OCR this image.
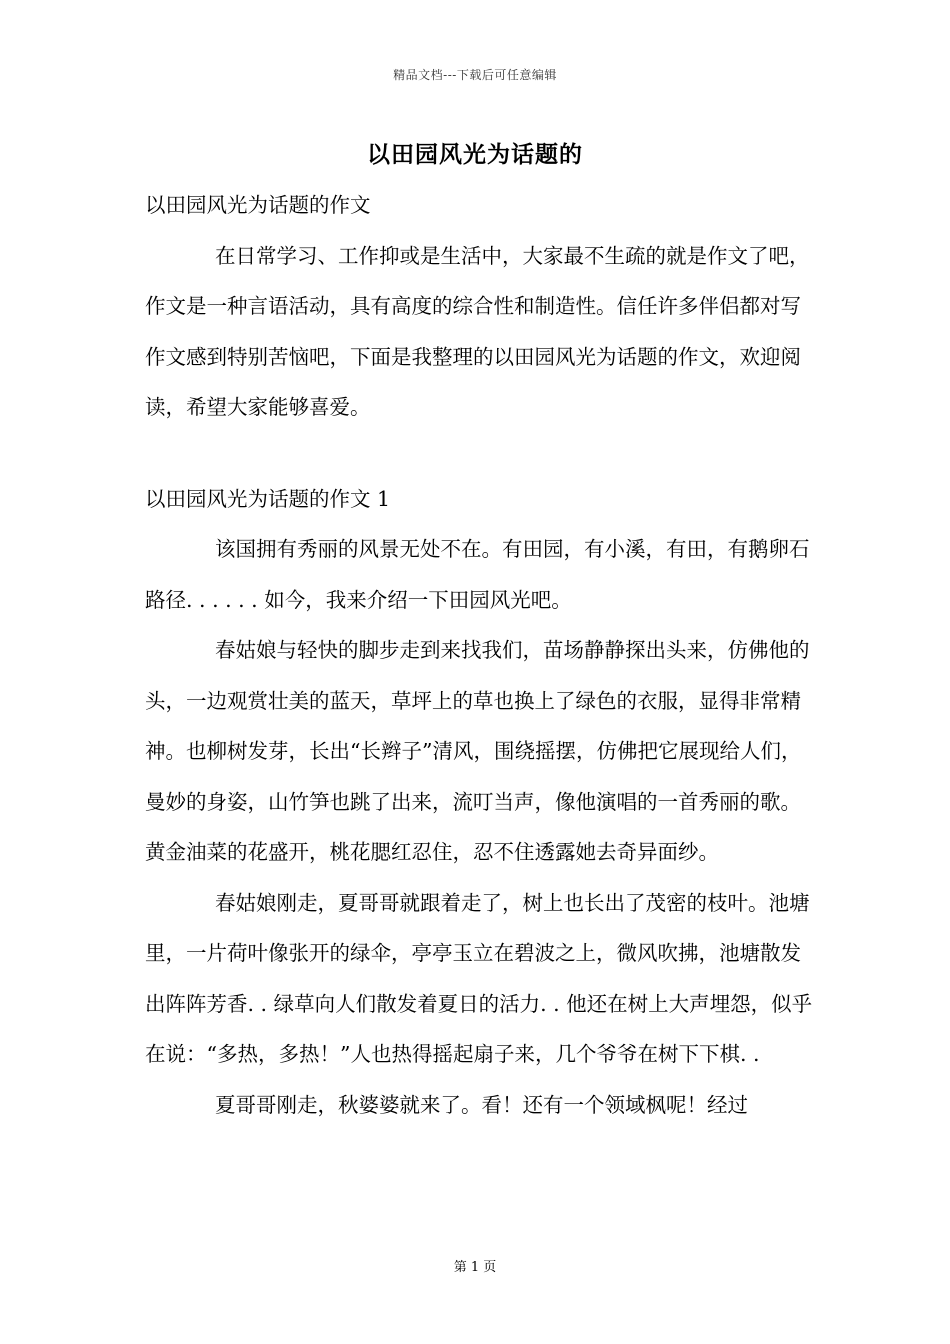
精品文档---下载后可任意编辑
以田园风光为话题的

以田园风光为话题的作文

在日常学习、工作抑或是生活中，大家最不生疏的就是作文了吧，作文是一种言语活动，具有高度的综合性和制造性。信任许多伴侣都对写作文感到特别苦恼吧，下面是我整理的以田园风光为话题的作文，欢迎阅读，希望大家能够喜爱。

以田园风光为话题的作文 1

该国拥有秀丽的风景无处不在。有田园，有小溪，有田，有鹅卵石路径. . . . . . 如今，我来介绍一下田园风光吧。

春姑娘与轻快的脚步走到来找我们，苗场静静探出头来，仿佛他的头，一边观赏壮美的蓝天，草坪上的草也换上了绿色的衣服，显得非常精神。也柳树发芽，长出“长辫子”清风，围绕摇摆，仿佛把它展现给人们，曼妙的身姿，山竹笋也跳了出来，流叮当声，像他演唱的一首秀丽的歌。黄金油菜的花盛开，桃花腮红忍住，忍不住透露她去奇异面纱。

春姑娘刚走，夏哥哥就跟着走了，树上也长出了茂密的枝叶。池塘里，一片荷叶像张开的绿伞，亭亭玉立在碧波之上，微风吹拂，池塘散发出阵阵芳香. . 绿草向人们散发着夏日的活力. . 他还在树上大声埋怨，似乎在说：“多热，多热！”人也热得摇起扇子来，几个爷爷在树下下棋. .

夏哥哥刚走，秋婆婆就来了。看！还有一个领域枫呢！经过

第 1 页
